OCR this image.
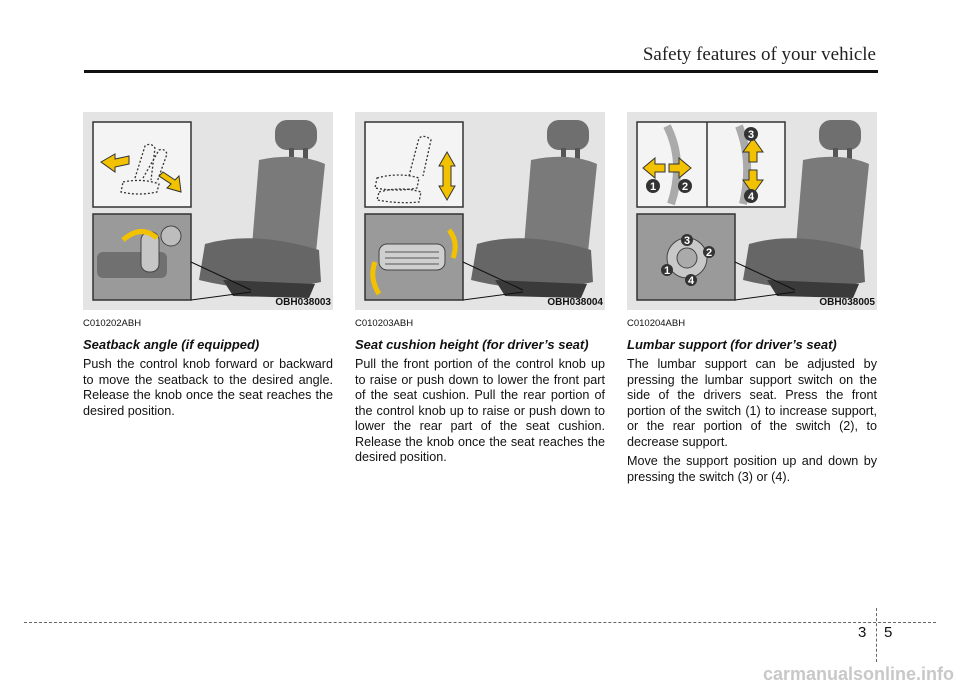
Safety features of your vehicle
OBH038003
C010202ABH
Seatback angle (if equipped)

Push the control knob forward or backward to move the seatback to the desired angle. Release the knob once the seat reaches the desired position.

OBH038004
C010203ABH
Seat cushion height (for driver’s seat)

Pull the front portion of the control knob up to raise or push down to lower the front part of the seat cushion. Pull the rear portion of the control knob up to raise or push down to lower the rear part of the seat cushion. Release the knob once the seat reaches the desired position.

1 2
3
4
3
2
1
4
OBH038005
C010204ABH
Lumbar support (for driver’s seat)

The lumbar support can be adjusted by pressing the lumbar support switch on the side of the drivers seat. Press the front portion of the switch (1) to increase support, or the rear portion of the switch (2), to decrease support.

Move the support position up and down by pressing the switch (3) or (4).

3 5
carmanualsonline.info
